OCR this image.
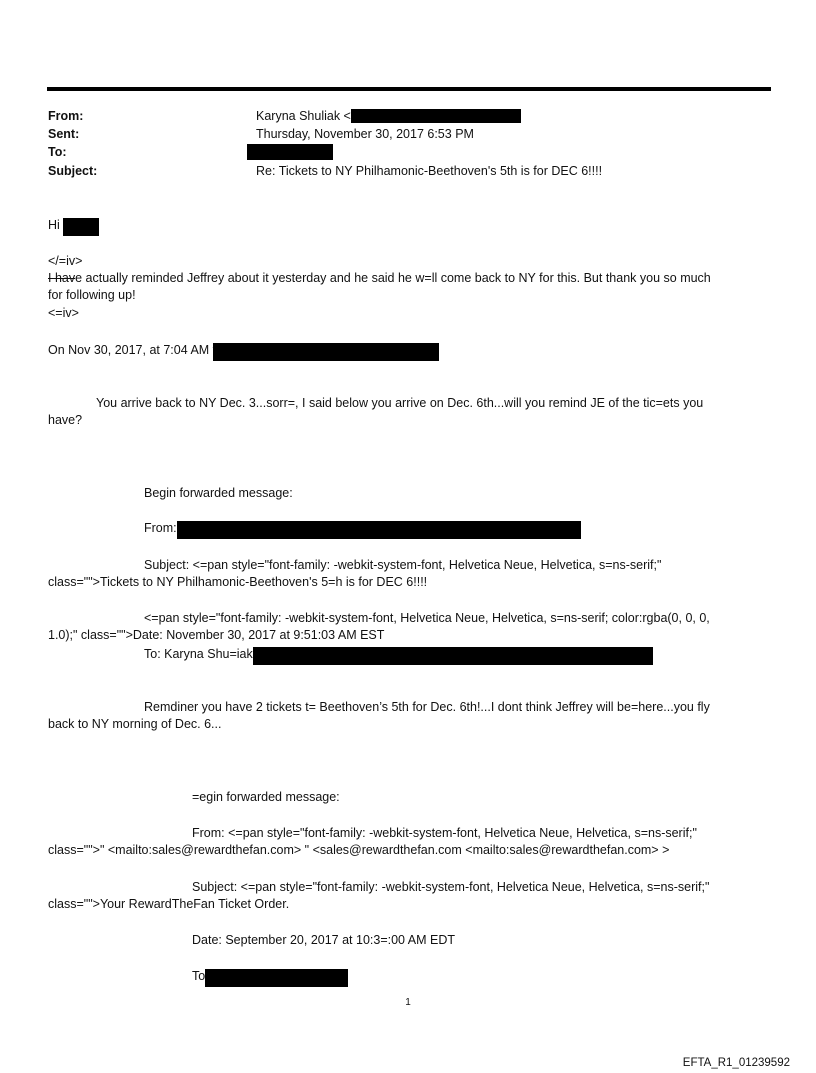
From:	Karyna Shuliak <
Sent:	Thursday, November 30, 2017 6:53 PM
To:
Subject:	Re: Tickets to NY Philhamonic-Beethoven's 5th is for DEC 6!!!!
Hi
</=iv>
I have actually reminded Jeffrey about it yesterday and he said he w=ll come back to NY for this. But thank you so much
for following up!
<=iv>
On Nov 30, 2017, at 7:04 AM
You arrive back to NY Dec. 3...sorr=, I said below you arrive on Dec. 6th...will you remind JE of the tic=ets you
have?
Begin forwarded message:
From:
Subject: <=pan style="font-family: -webkit-system-font, Helvetica Neue, Helvetica, s=ns-serif;"
class="">Tickets to NY Philhamonic-Beethoven's 5=h is for DEC 6!!!!
<=pan style="font-family: -webkit-system-font, Helvetica Neue, Helvetica, s=ns-serif; color:rgba(0, 0, 0,
1.0);" class="">Date: November 30, 2017 at 9:51:03 AM EST
To: Karyna Shu=iak
Remdiner you have 2 tickets t= Beethoven’s 5th for Dec. 6th!...I dont think Jeffrey will be=here...you fly
back to NY morning of Dec. 6...
=egin forwarded message:
From: <=pan style="font-family: -webkit-system-font, Helvetica Neue, Helvetica, s=ns-serif;"
class="">" <mailto:sales@rewardthefan.com> " <sales@rewardthefan.com <mailto:sales@rewardthefan.com> >
Subject: <=pan style="font-family: -webkit-system-font, Helvetica Neue, Helvetica, s=ns-serif;"
class="">Your RewardTheFan Ticket Order.
Date: September 20, 2017 at 10:3=:00 AM EDT
To
1
EFTA_R1_01239592
